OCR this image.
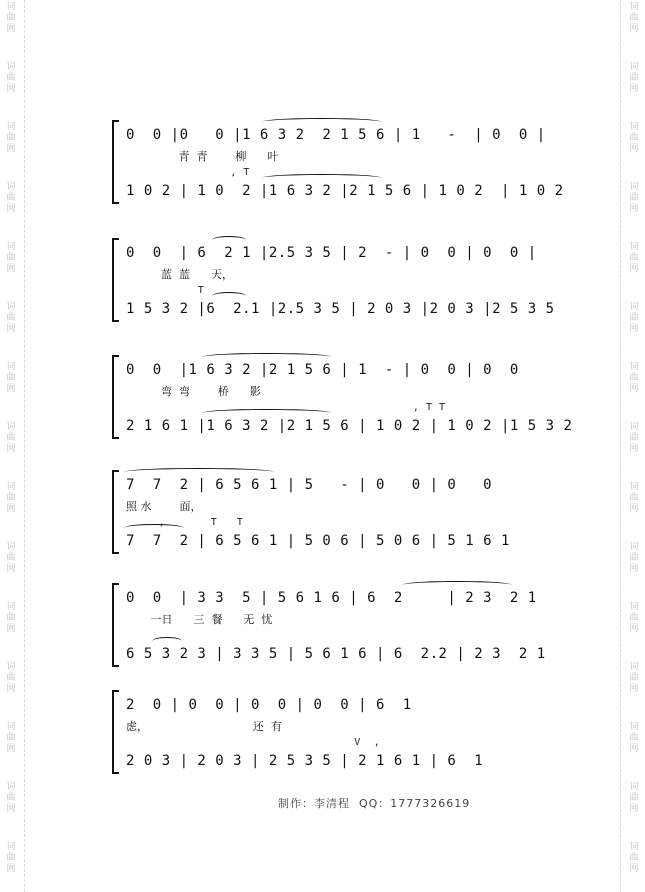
词曲网
词曲网
词曲网
词曲网
词曲网
词曲网
词曲网
词曲网
词曲网
词曲网
词曲网
词曲网
词曲网
词曲网
词曲网
词曲网
词曲网
词曲网
词曲网
词曲网
词曲网
词曲网
词曲网
词曲网
词曲网
词曲网
词曲网
词曲网
词曲网
词曲网
0  0 |0   0 |1 6 3 2  2 1 5 6 | 1   -  | 0  0 |
青  青        柳      叶
, T
1 0 2 | 1 0  2 |1 6 3 2 |2 1 5 6 | 1 0 2  | 1 0 2
0  0  | 6  2 1 |2.5 3 5 | 2  - | 0  0 | 0  0 |
蓝  蓝      天，
T
1 5 3 2 |6  2.1 |2.5 3 5 | 2 0 3 |2 0 3 |2 5 3 5
0  0  |1 6 3 2 |2 1 5 6 | 1  - | 0  0 | 0  0
弯  弯        桥      影
, T T
2 1 6 1 |1 6 3 2 |2 1 5 6 | 1 0 2 | 1 0 2 |1 5 3 2
7  7  2 | 6 5 6 1 | 5   - | 0   0 | 0   0
照 水        面，
,       T   T
7  7  2 | 6 5 6 1 | 5 0 6 | 5 0 6 | 5 1 6 1
0  0  | 3 3  5 | 5 6 1 6 | 6  2     | 2 3  2 1
一日      三  餐      无  忧
6 5 3 2 3 | 3 3 5 | 5 6 1 6 | 6  2.2 | 2 3  2 1
2  0 | 0  0 | 0  0 | 0  0 | 6  1
虑，                              还  有
V  ,
2 0 3 | 2 0 3 | 2 5 3 5 | 2 1 6 1 | 6  1
制作：李清程  QQ：1777326619
